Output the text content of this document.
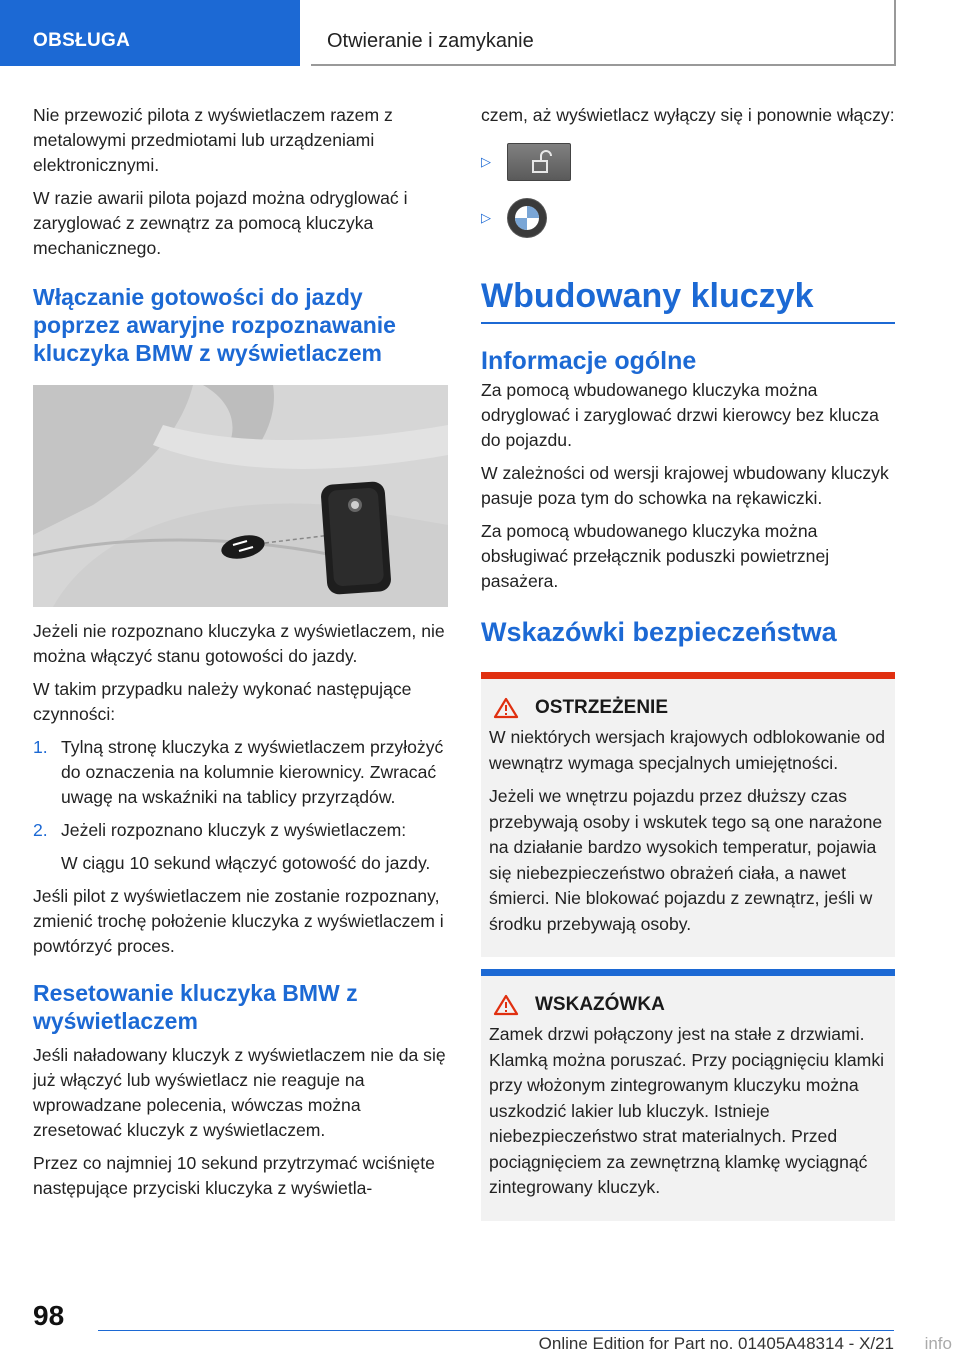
OBSŁUGA	Otwieranie i zamykanie

Nie przewozić pilota z wyświetlaczem razem z metalowymi przedmiotami lub urządzeniami elektronicznymi.

W razie awarii pilota pojazd można odryglować i zaryglować z zewnątrz za pomocą kluczyka mechanicznego.

Włączanie gotowości do jazdy poprzez awaryjne rozpoznawanie kluczyka BMW z wyświetlaczem

Jeżeli nie rozpoznano kluczyka z wyświetlaczem, nie można włączyć stanu gotowości do jazdy.

W takim przypadku należy wykonać następujące czynności:

1. Tylną stronę kluczyka z wyświetlaczem przyłożyć do oznaczenia na kolumnie kierownicy. Zwracać uwagę na wskaźniki na tablicy przyrządów.
2. Jeżeli rozpoznano kluczyk z wyświetlaczem:

W ciągu 10 sekund włączyć gotowość do jazdy.

Jeśli pilot z wyświetlaczem nie zostanie rozpoznany, zmienić trochę położenie kluczyka z wyświetlaczem i powtórzyć proces.

Resetowanie kluczyka BMW z wyświetlaczem

Jeśli naładowany kluczyk z wyświetlaczem nie da się już włączyć lub wyświetlacz nie reaguje na wprowadzane polecenia, wówczas można zresetować kluczyk z wyświetlaczem.

Przez co najmniej 10 sekund przytrzymać wciśnięte następujące przyciski kluczyka z wyświetla-

czem, aż wyświetlacz wyłączy się i ponownie włączy:

▷
▷
Wbudowany kluczyk
Informacje ogólne

Za pomocą wbudowanego kluczyka można odryglować i zaryglować drzwi kierowcy bez klucza do pojazdu.

W zależności od wersji krajowej wbudowany kluczyk pasuje poza tym do schowka na rękawiczki.

Za pomocą wbudowanego kluczyka można obsługiwać przełącznik poduszki powietrznej pasażera.

Wskazówki bezpieczeństwa
OSTRZEŻENIE

W niektórych wersjach krajowych odblokowanie od wewnątrz wymaga specjalnych umiejętności.

Jeżeli we wnętrzu pojazdu przez dłuższy czas przebywają osoby i wskutek tego są one narażone na działanie bardzo wysokich temperatur, pojawia się niebezpieczeństwo obrażeń ciała, a nawet śmierci. Nie blokować pojazdu z zewnątrz, jeśli w środku przebywają osoby.

WSKAZÓWKA

Zamek drzwi połączony jest na stałe z drzwiami. Klamką można poruszać. Przy pociągnięciu klamki przy włożonym zintegrowanym kluczyku można uszkodzić lakier lub kluczyk. Istnieje niebezpieczeństwo strat materialnych. Przed pociągnięciem za zewnętrzną klamkę wyciągnąć zintegrowany kluczyk.

98
Online Edition for Part no. 01405A48314 - X/21 info
